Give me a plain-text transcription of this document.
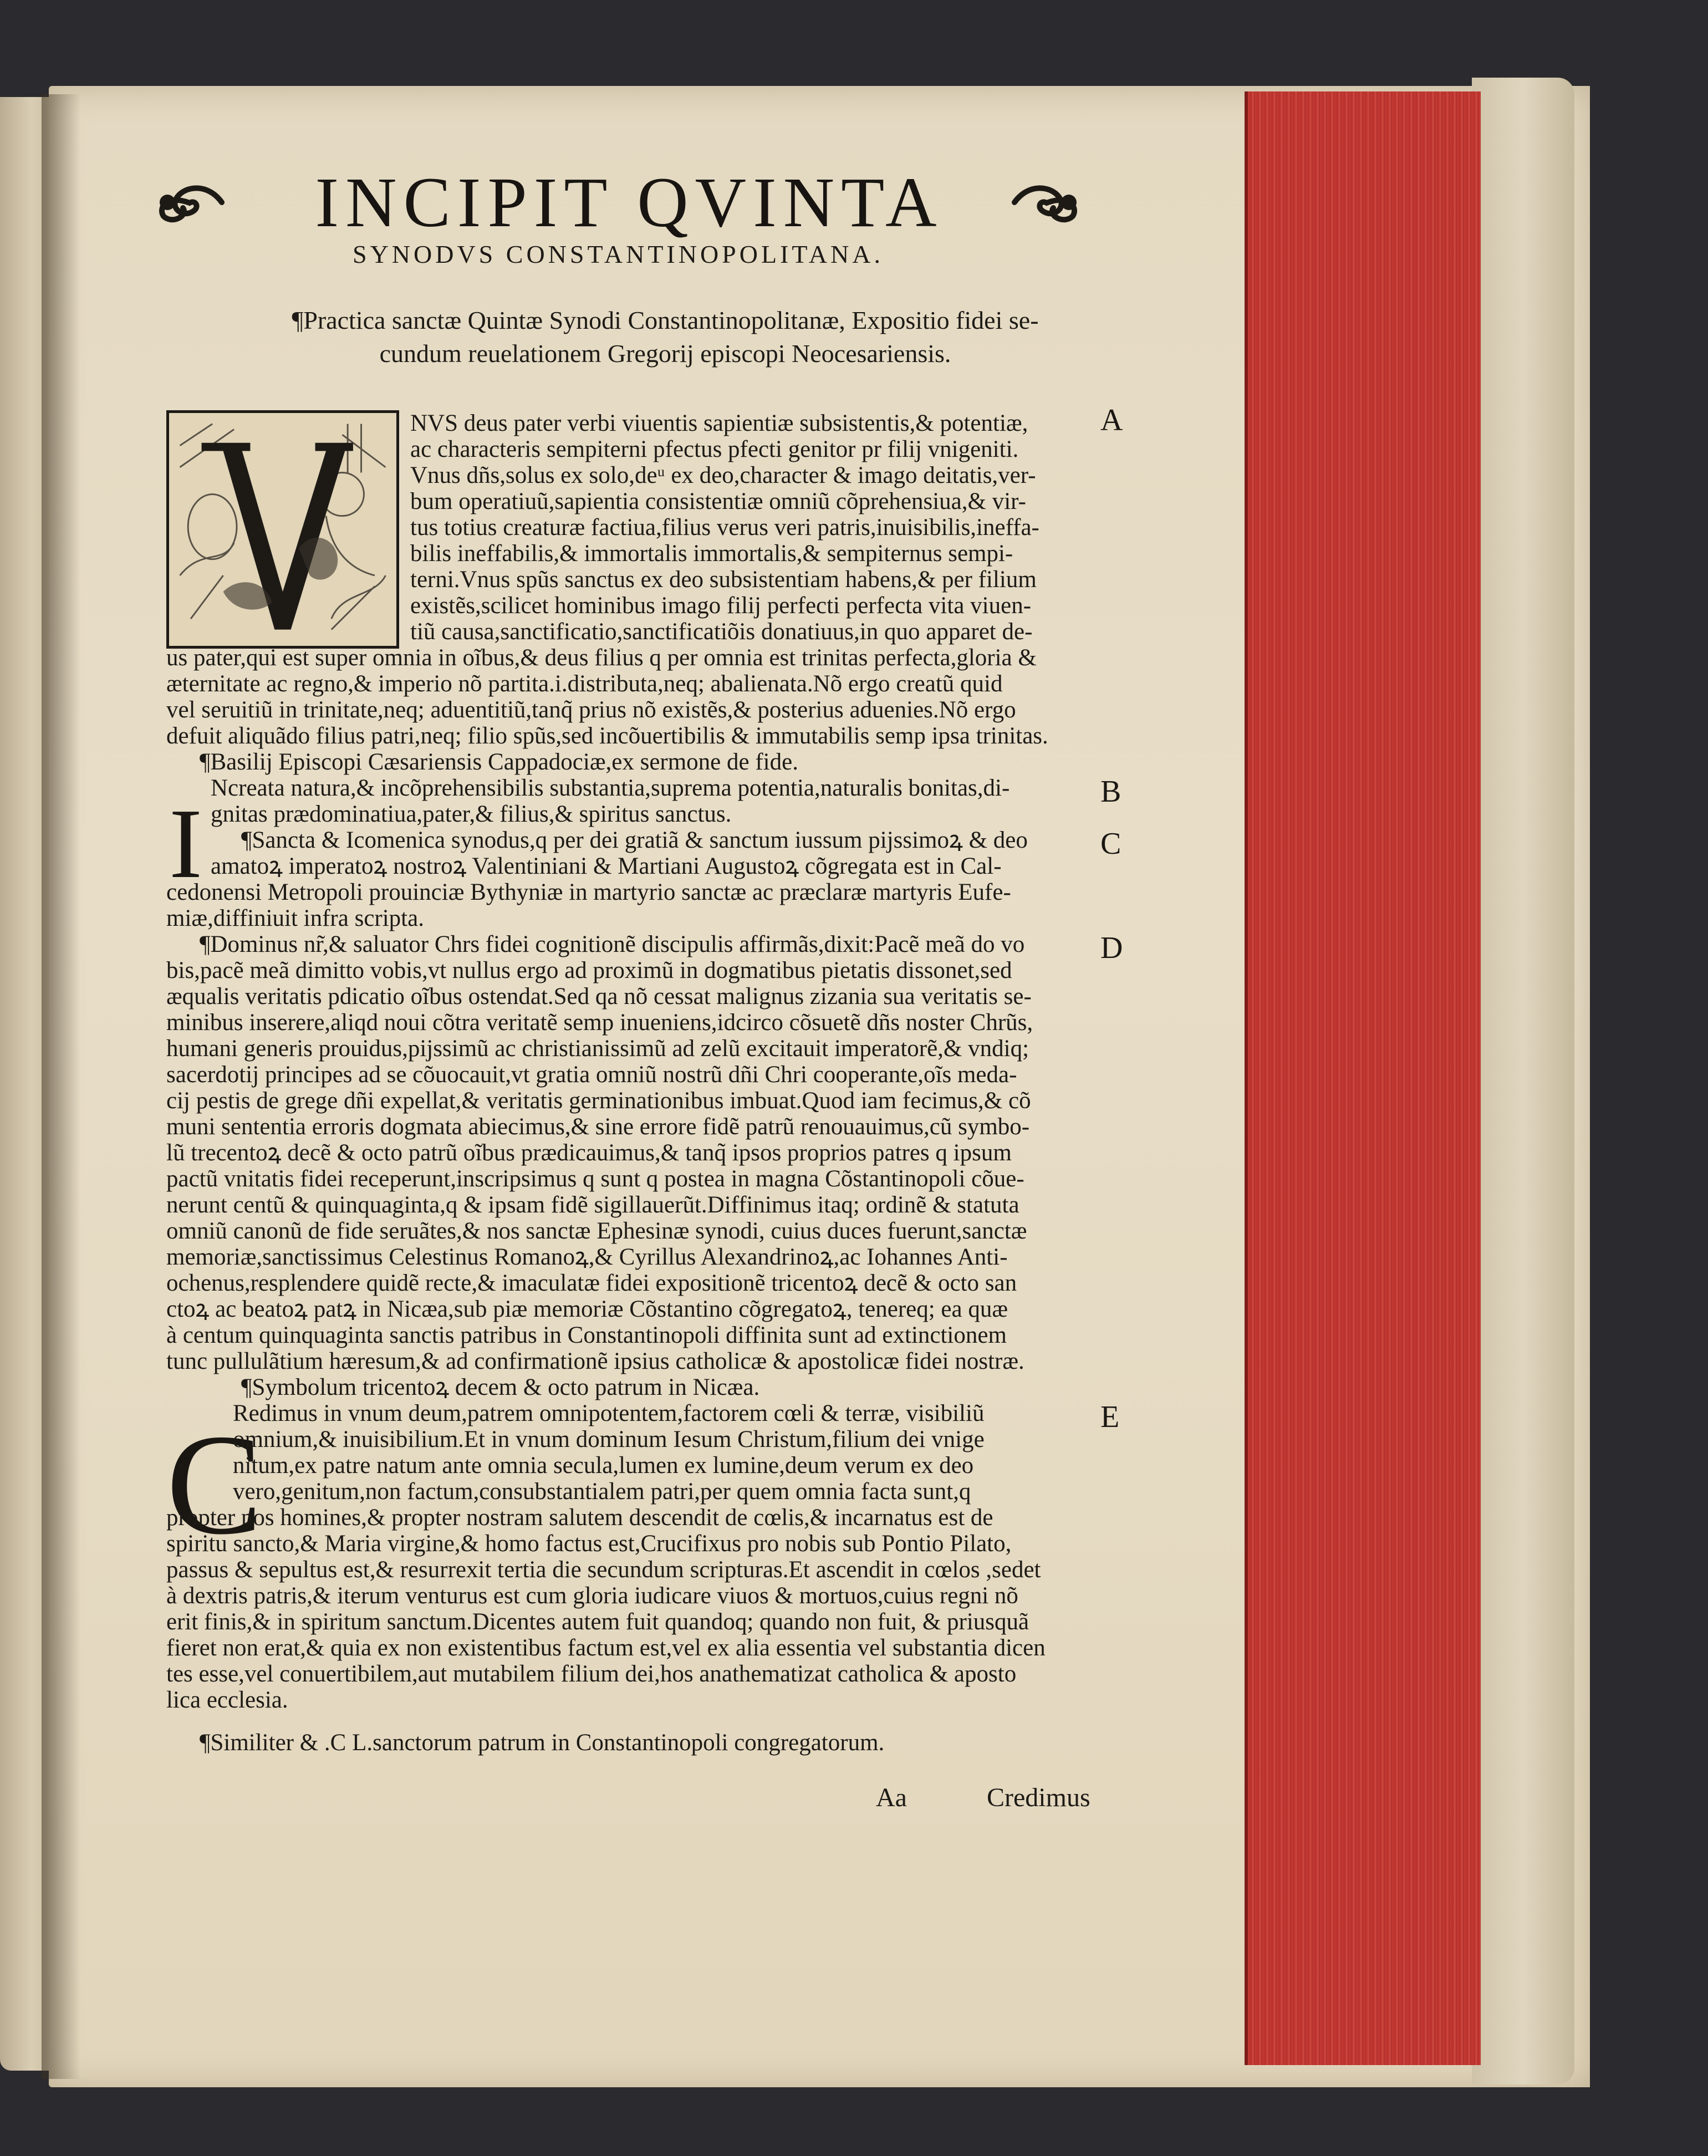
INCIPIT QVINTA
SYNODVS CONSTANTINOPOLITANA.
¶Practica sanctæ Quintæ Synodi Constantinopolitanæ, Expositio fidei se-
cundum reuelationem Gregorij episcopi Neocesariensis.
NVS deus pater verbi viuentis sapientiæ subsistentis,& potentiæ,
ac characteris sempiterni pfectus pfecti genitor pr filij vnigeniti.
Vnus dñs,solus ex solo,deᵘ ex deo,character & imago deitatis,ver-
bum operatiuũ,sapientia consistentiæ omniũ cõprehensiua,& vir-
tus totius creaturæ factiua,filius verus veri patris,inuisibilis,ineffa-
bilis ineffabilis,& immortalis immortalis,& sempiternus sempi-
terni.Vnus spũs sanctus ex deo subsistentiam habens,& per filium
existẽs,scilicet hominibus imago filij perfecti perfecta vita viuen-
tiũ causa,sanctificatio,sanctificatiõis donatiuus,in quo apparet de-
us pater,qui est super omnia in oĩbus,& deus filius q per omnia est trinitas perfecta,gloria &
æternitate ac regno,& imperio nõ partita.i.distributa,neq; abalienata.Nõ ergo creatũ quid
vel seruitiũ in trinitate,neq; aduentitiũ,tanq̃ prius nõ existẽs,& posterius aduenies.Nõ ergo
defuit aliquãdo filius patri,neq; filio spũs,sed incõuertibilis & immutabilis semp ipsa trinitas.
¶Basilij Episcopi Cæsariensis Cappadociæ,ex sermone de fide.
I
Ncreata natura,& incõprehensibilis substantia,suprema potentia,naturalis bonitas,di-
gnitas prædominatiua,pater,& filius,& spiritus sanctus.
¶Sancta & Icomenica synodus,q per dei gratiã & sanctum iussum pijssimoꝝ & deo
amatoꝝ imperatoꝝ nostroꝝ Valentiniani & Martiani Augustoꝝ cõgregata est in Cal-
cedonensi Metropoli prouinciæ Bythyniæ in martyrio sanctæ ac præclaræ martyris Eufe-
miæ,diffiniuit infra scripta.
¶Dominus nr̃,& saluator Chrs fidei cognitionẽ discipulis affirmãs,dixit:Pacẽ meã do vo
bis,pacẽ meã dimitto vobis,vt nullus ergo ad proximũ in dogmatibus pietatis dissonet,sed
æqualis veritatis pdicatio oĩbus ostendat.Sed qa nõ cessat malignus zizania sua veritatis se-
minibus inserere,aliqd noui cõtra veritatẽ semp inueniens,idcirco cõsuetẽ dñs noster Chrũs,
humani generis prouidus,pijssimũ ac christianissimũ ad zelũ excitauit imperatorẽ,& vndiq;
sacerdotij principes ad se cõuocauit,vt gratia omniũ nostrũ dñi Chri cooperante,oĩs meda-
cij pestis de grege dñi expellat,& veritatis germinationibus imbuat.Quod iam fecimus,& cõ
muni sententia erroris dogmata abiecimus,& sine errore fidẽ patrũ renouauimus,cũ symbo-
lũ trecentoꝝ decẽ & octo patrũ oĩbus prædicauimus,& tanq̃ ipsos proprios patres q ipsum
pactũ vnitatis fidei receperunt,inscripsimus q sunt q postea in magna Cõstantinopoli cõue-
nerunt centũ & quinquaginta,q & ipsam fidẽ sigillauerũt.Diffinimus itaq; ordinẽ & statuta
omniũ canonũ de fide seruãtes,& nos sanctæ Ephesinæ synodi, cuius duces fuerunt,sanctæ
memoriæ,sanctissimus Celestinus Romanoꝝ,& Cyrillus Alexandrinoꝝ,ac Iohannes Anti-
ochenus,resplendere quidẽ recte,& imaculatæ fidei expositionẽ tricentoꝝ decẽ & octo san
ctoꝝ ac beatoꝝ patꝝ in Nicæa,sub piæ memoriæ Cõstantino cõgregatoꝝ, tenereq; ea quæ
à centum quinquaginta sanctis patribus in Constantinopoli diffinita sunt ad extinctionem
tunc pullulãtium hæresum,& ad confirmationẽ ipsius catholicæ & apostolicæ fidei nostræ.
¶Symbolum tricentoꝝ decem & octo patrum in Nicæa.
C
Redimus in vnum deum,patrem omnipotentem,factorem cœli & terræ, visibiliũ
omnium,& inuisibilium.Et in vnum dominum Iesum Christum,filium dei vnige
nitum,ex patre natum ante omnia secula,lumen ex lumine,deum verum ex deo
vero,genitum,non factum,consubstantialem patri,per quem omnia facta sunt,q
propter nos homines,& propter nostram salutem descendit de cœlis,& incarnatus est de
spiritu sancto,& Maria virgine,& homo factus est,Crucifixus pro nobis sub Pontio Pilato,
passus & sepultus est,& resurrexit tertia die secundum scripturas.Et ascendit in cœlos ,sedet
à dextris patris,& iterum venturus est cum gloria iudicare viuos & mortuos,cuius regni nõ
erit finis,& in spiritum sanctum.Dicentes autem fuit quandoq; quando non fuit, & priusquã
fieret non erat,& quia ex non existentibus factum est,vel ex alia essentia vel substantia dicen
tes esse,vel conuertibilem,aut mutabilem filium dei,hos anathematizat catholica & aposto
lica ecclesia.
¶Similiter & .C L.sanctorum patrum in Constantinopoli congregatorum.
Aa	Credimus
A
B
C
D
E
